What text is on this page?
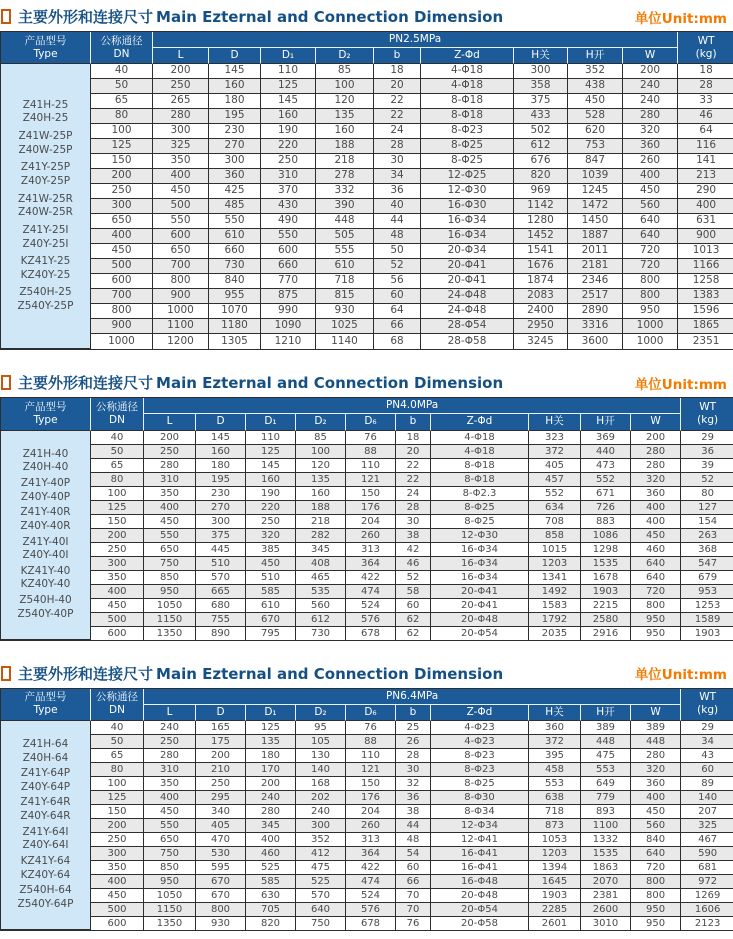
主要外形和连接尺寸 Main Ezternal and Connection Dimension	单位Unit:mm
产品型号
Type

公称通径
DN
	PN2.5MPa	WT
(kg)

		L	D	D₁	D₂	b	Z-Φd	H关	H开	W	

Z41H-25
Z40H-25
Z41W-25P
Z40W-25P
Z41Y-25P
Z40Y-25P
Z41W-25R
Z40W-25R
Z41Y-25I
Z40Y-25I
KZ41Y-25
KZ40Y-25
Z540H-25
Z540Y-25P
	40	200	145	110	85	18	4-Φ18	300	352	200	18
	50	250	160	125	100	20	4-Φ18	358	438	240	28
	65	265	180	145	120	22	8-Φ18	375	450	240	33
	80	280	195	160	135	22	8-Φ18	433	528	280	46
	100	300	230	190	160	24	8-Φ23	502	620	320	64
	125	325	270	220	188	28	8-Φ25	612	753	360	116
	150	350	300	250	218	30	8-Φ25	676	847	260	141
	200	400	360	310	278	34	12-Φ25	820	1039	400	213
	250	450	425	370	332	36	12-Φ30	969	1245	450	290
	300	500	485	430	390	40	16-Φ30	1142	1472	560	400
	650	550	550	490	448	44	16-Φ34	1280	1450	640	631
	400	600	610	550	505	48	16-Φ34	1452	1887	640	900
	450	650	660	600	555	50	20-Φ34	1541	2011	720	1013
	500	700	730	660	610	52	20-Φ41	1676	2181	720	1166
	600	800	840	770	718	56	20-Φ41	1874	2346	800	1258
	700	900	955	875	815	60	24-Φ48	2083	2517	800	1383
	800	1000	1070	990	930	64	24-Φ48	2400	2890	950	1596
	900	1100	1180	1090	1025	66	28-Φ54	2950	3316	1000	1865
	1000	1200	1305	1210	1140	68	28-Φ58	3245	3600	1000	2351
主要外形和连接尺寸 Main Ezternal and Connection Dimension	单位Unit:mm
产品型号
Type

公称通径
DN
	PN4.0MPa	WT
(kg)

		L	D	D₁	D₂	D₆	b	Z-Φd	H关	H开	W	

Z41H-40
Z40H-40
Z41Y-40P
Z40Y-40P
Z41Y-40R
Z40Y-40R
Z41Y-40I
Z40Y-40I
KZ41Y-40
KZ40Y-40
Z540H-40
Z540Y-40P
	40	200	145	110	85	76	18	4-Φ18	323	369	200	29
	50	250	160	125	100	88	20	4-Φ18	372	440	280	36
	65	280	180	145	120	110	22	8-Φ18	405	473	280	39
	80	310	195	160	135	121	22	8-Φ18	457	552	320	52
	100	350	230	190	160	150	24	8-Φ2.3	552	671	360	80
	125	400	270	220	188	176	28	8-Φ25	634	726	400	127
	150	450	300	250	218	204	30	8-Φ25	708	883	400	154
	200	550	375	320	282	260	38	12-Φ30	858	1086	450	263
	250	650	445	385	345	313	42	16-Φ34	1015	1298	460	368
	300	750	510	450	408	364	46	16-Φ34	1203	1535	640	547
	350	850	570	510	465	422	52	16-Φ34	1341	1678	640	679
	400	950	665	585	535	474	58	20-Φ41	1492	1903	720	953
	450	1050	680	610	560	524	60	20-Φ41	1583	2215	800	1253
	500	1150	755	670	612	576	62	20-Φ48	1792	2580	950	1589
	600	1350	890	795	730	678	62	20-Φ54	2035	2916	950	1903
主要外形和连接尺寸 Main Ezternal and Connection Dimension	单位Unit:mm
产品型号
Type

公称通径
DN
	PN6.4MPa	WT
(kg)

		L	D	D₁	D₂	D₆	b	Z-Φd	H关	H开	W	

Z41H-64
Z40H-64
Z41Y-64P
Z40Y-64P
Z41Y-64R
Z40Y-64R
Z41Y-64I
Z40Y-64I
KZ41Y-64
KZ40Y-64
Z540H-64
Z540Y-64P
	40	240	165	125	95	76	25	4-Φ23	360	389	389	29
	50	250	175	135	105	88	26	4-Φ23	372	448	448	34
	65	280	200	180	130	110	28	8-Φ23	395	475	280	43
	80	310	210	170	140	121	30	8-Φ23	458	553	320	60
	100	350	250	200	168	150	32	8-Φ25	553	649	360	89
	125	400	295	240	202	176	36	8-Φ30	638	779	400	140
	150	450	340	280	240	204	38	8-Φ34	718	893	450	207
	200	550	405	345	300	260	44	12-Φ34	873	1100	560	325
	250	650	470	400	352	313	48	12-Φ41	1053	1332	840	467
	300	750	530	460	412	364	54	16-Φ41	1203	1535	640	590
	350	850	595	525	475	422	60	16-Φ41	1394	1863	720	681
	400	950	670	585	525	474	66	16-Φ48	1645	2070	800	972
	450	1050	670	630	570	524	70	20-Φ48	1903	2381	800	1269
	500	1150	800	705	640	576	70	20-Φ54	2285	2600	950	1606
	600	1350	930	820	750	678	76	20-Φ58	2601	3010	950	2123
